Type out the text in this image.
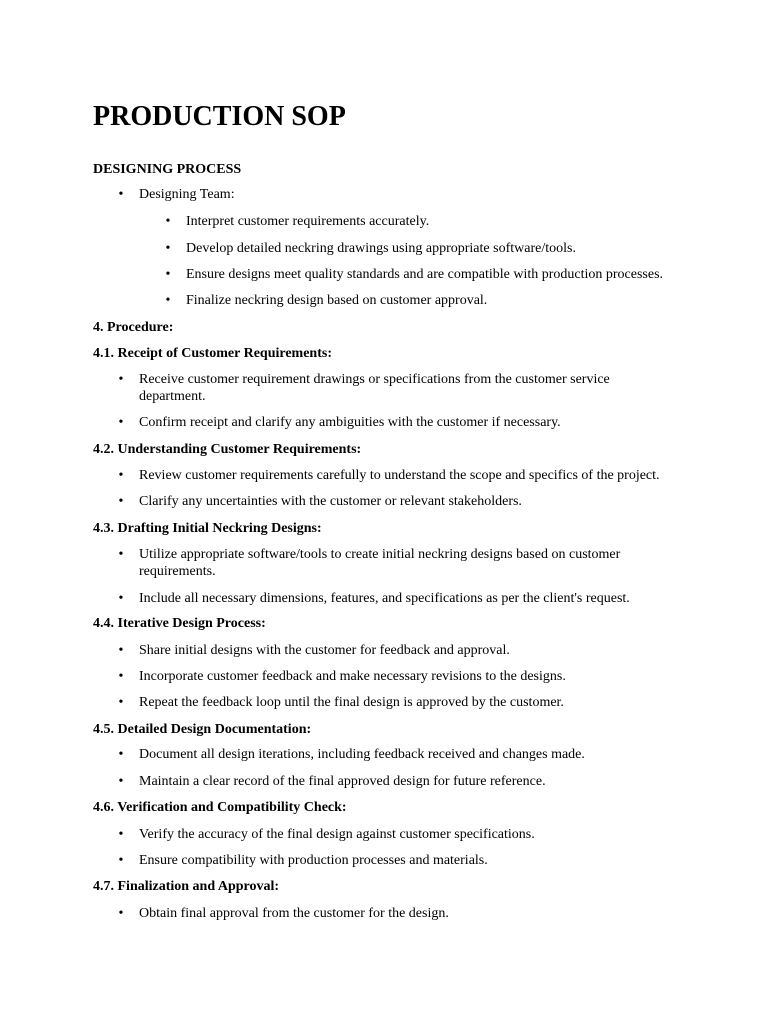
PRODUCTION SOP
DESIGNING PROCESS
• Designing Team:
• Interpret customer requirements accurately.
• Develop detailed neckring drawings using appropriate software/tools.
• Ensure designs meet quality standards and are compatible with production processes.
• Finalize neckring design based on customer approval.
4. Procedure:
4.1. Receipt of Customer Requirements:
• Receive customer requirement drawings or specifications from the customer service department.
• Confirm receipt and clarify any ambiguities with the customer if necessary.
4.2. Understanding Customer Requirements:
• Review customer requirements carefully to understand the scope and specifics of the project.
• Clarify any uncertainties with the customer or relevant stakeholders.
4.3. Drafting Initial Neckring Designs:
• Utilize appropriate software/tools to create initial neckring designs based on customer requirements.
• Include all necessary dimensions, features, and specifications as per the client's request.
4.4. Iterative Design Process:
• Share initial designs with the customer for feedback and approval.
• Incorporate customer feedback and make necessary revisions to the designs.
• Repeat the feedback loop until the final design is approved by the customer.
4.5. Detailed Design Documentation:
• Document all design iterations, including feedback received and changes made.
• Maintain a clear record of the final approved design for future reference.
4.6. Verification and Compatibility Check:
• Verify the accuracy of the final design against customer specifications.
• Ensure compatibility with production processes and materials.
4.7. Finalization and Approval:
• Obtain final approval from the customer for the design.
